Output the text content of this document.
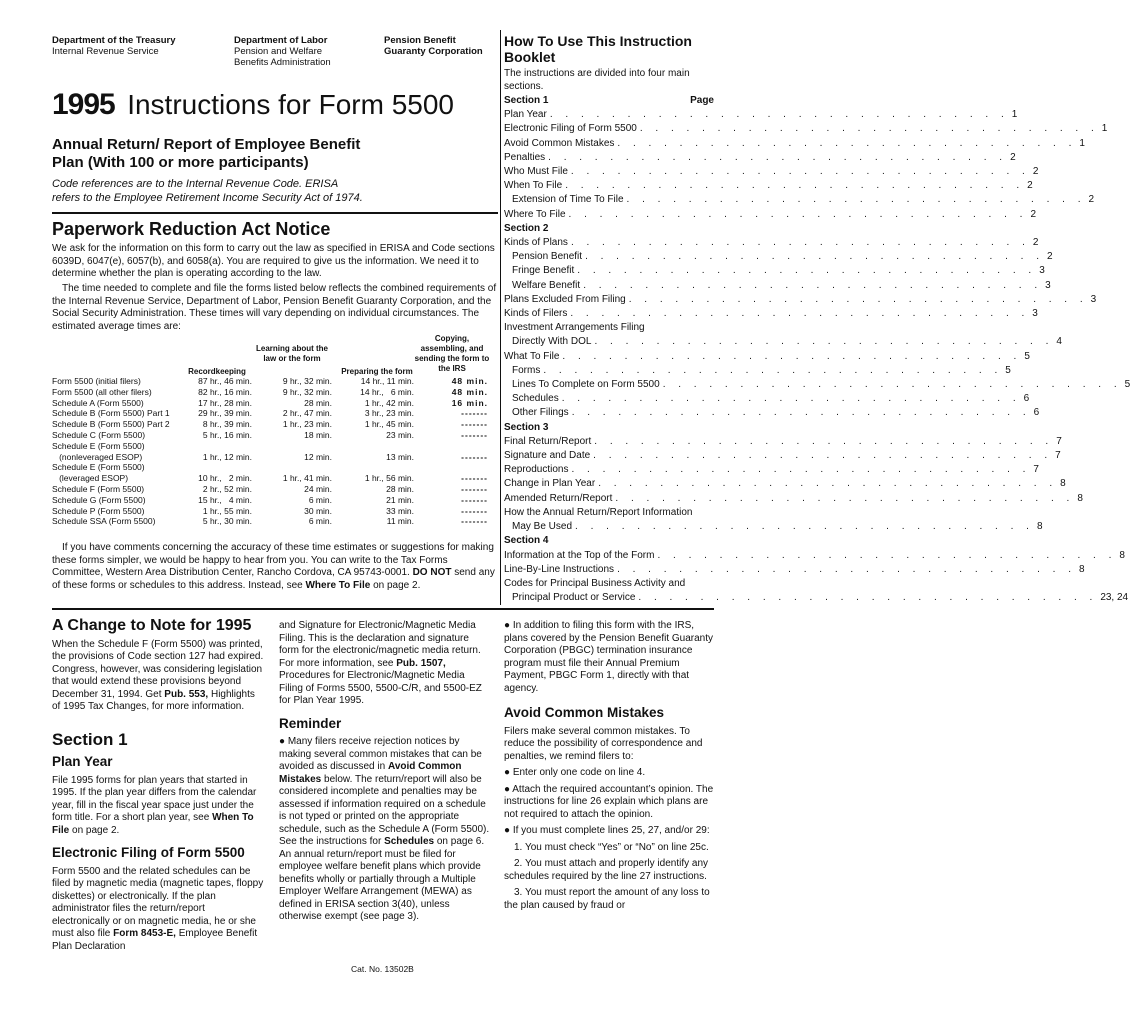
Department of the Treasury
Internal Revenue Service
Department of Labor
Pension and Welfare
Benefits Administration
Pension Benefit
Guaranty Corporation
1995 Instructions for Form 5500
Annual Return/ Report of Employee Benefit
Plan (With 100 or more participants)
Code references are to the Internal Revenue Code. ERISA
refers to the Employee Retirement Income Security Act of 1974.
Paperwork Reduction Act Notice

We ask for the information on this form to carry out the law as specified in ERISA and Code sections 6039D, 6047(e), 6057(b), and 6058(a). You are required to give us the information. We need it to determine whether the plan is operating according to the law.

The time needed to complete and file the forms listed below reflects the combined requirements of the Internal Revenue Service, Department of Labor, Pension Benefit Guaranty Corporation, and the Social Security Administration. These times will vary depending on individual circumstances. The estimated average times are:

Recordkeeping
Learning about the law or the form
Preparing the form
Copying, assembling, and sending the form to the IRS
Form 5500 (initial filers)	87 hr., 46 min.	9 hr., 32 min.	14 hr., 11 min.	48 min.
Form 5500 (all other filers)	82 hr., 16 min.	9 hr., 32 min.	14 hr.,   6 min.	48 min.
Schedule A (Form 5500)	17 hr., 28 min.	28 min.	1 hr., 42 min.	16 min.
Schedule B (Form 5500) Part 1	29 hr., 39 min.	2 hr., 47 min.	3 hr., 23 min.	-------
Schedule B (Form 5500) Part 2	8 hr., 39 min.	1 hr., 23 min.	1 hr., 45 min.	-------
Schedule C (Form 5500)	5 hr., 16 min.	18 min.	23 min.	-------
Schedule E (Form 5500)
(nonleveraged ESOP)	1 hr., 12 min.	12 min.	13 min.	-------
Schedule E (Form 5500)
(leveraged ESOP)	10 hr.,   2 min.	1 hr., 41 min.	1 hr., 56 min.	-------
Schedule F (Form 5500)	2 hr., 52 min.	24 min.	28 min.	-------
Schedule G (Form 5500)	15 hr.,   4 min.	6 min.	21 min.	-------
Schedule P (Form 5500)	1 hr., 55 min.	30 min.	33 min.	-------
Schedule SSA (Form 5500)	5 hr., 30 min.	6 min.	11 min.	-------

If you have comments concerning the accuracy of these time estimates or suggestions for making these forms simpler, we would be happy to hear from you. You can write to the Tax Forms Committee, Western Area Distribution Center, Rancho Cordova, CA 95743-0001. DO NOT send any of these forms or schedules to this address. Instead, see Where To File on page 2.

How To Use This Instruction Booklet
The instructions are divided into four main sections.
Section 1	Page
Plan Year . . . . . . . . . . . . . . . . . . . . . . . . . . . . . . 1
Electronic Filing of Form 5500 . . . . . . . . . . . . . . . . . . . . . . . . . . . . . . 1
Avoid Common Mistakes . . . . . . . . . . . . . . . . . . . . . . . . . . . . . . 1
Penalties . . . . . . . . . . . . . . . . . . . . . . . . . . . . . . 2
Who Must File . . . . . . . . . . . . . . . . . . . . . . . . . . . . . . 2
When To File . . . . . . . . . . . . . . . . . . . . . . . . . . . . . . 2
Extension of Time To File . . . . . . . . . . . . . . . . . . . . . . . . . . . . . . 2
Where To File . . . . . . . . . . . . . . . . . . . . . . . . . . . . . . 2
Section 2
Kinds of Plans . . . . . . . . . . . . . . . . . . . . . . . . . . . . . . 2
Pension Benefit . . . . . . . . . . . . . . . . . . . . . . . . . . . . . . 2
Fringe Benefit . . . . . . . . . . . . . . . . . . . . . . . . . . . . . . 3
Welfare Benefit . . . . . . . . . . . . . . . . . . . . . . . . . . . . . . 3
Plans Excluded From Filing . . . . . . . . . . . . . . . . . . . . . . . . . . . . . . 3
Kinds of Filers . . . . . . . . . . . . . . . . . . . . . . . . . . . . . . 3
Investment Arrangements Filing
Directly With DOL . . . . . . . . . . . . . . . . . . . . . . . . . . . . . . 4
What To File . . . . . . . . . . . . . . . . . . . . . . . . . . . . . . 5
Forms . . . . . . . . . . . . . . . . . . . . . . . . . . . . . . 5
Lines To Complete on Form 5500 . . . . . . . . . . . . . . . . . . . . . . . . . . . . . . 5
Schedules . . . . . . . . . . . . . . . . . . . . . . . . . . . . . . 6
Other Filings . . . . . . . . . . . . . . . . . . . . . . . . . . . . . . 6
Section 3
Final Return/Report . . . . . . . . . . . . . . . . . . . . . . . . . . . . . . 7
Signature and Date . . . . . . . . . . . . . . . . . . . . . . . . . . . . . . 7
Reproductions . . . . . . . . . . . . . . . . . . . . . . . . . . . . . . 7
Change in Plan Year . . . . . . . . . . . . . . . . . . . . . . . . . . . . . . 8
Amended Return/Report . . . . . . . . . . . . . . . . . . . . . . . . . . . . . . 8
How the Annual Return/Report Information
May Be Used . . . . . . . . . . . . . . . . . . . . . . . . . . . . . . 8
Section 4
Information at the Top of the Form . . . . . . . . . . . . . . . . . . . . . . . . . . . . . . 8
Line-By-Line Instructions . . . . . . . . . . . . . . . . . . . . . . . . . . . . . . 8
Codes for Principal Business Activity and
Principal Product or Service . . . . . . . . . . . . . . . . . . . . . . . . . . . . . . 23, 24
A Change to Note for 1995

When the Schedule F (Form 5500) was printed, the provisions of Code section 127 had expired. Congress, however, was considering legislation that would extend these provisions beyond December 31, 1994. Get Pub. 553, Highlights of 1995 Tax Changes, for more information.

Section 1
Plan Year

File 1995 forms for plan years that started in 1995. If the plan year differs from the calendar year, fill in the fiscal year space just under the form title. For a short plan year, see When To File on page 2.

Electronic Filing of Form 5500

Form 5500 and the related schedules can be filed by magnetic media (magnetic tapes, floppy diskettes) or electronically. If the plan administrator files the return/report electronically or on magnetic media, he or she must also file Form 8453-E, Employee Benefit Plan Declaration

and Signature for Electronic/Magnetic Media Filing. This is the declaration and signature form for the electronic/magnetic media return. For more information, see Pub. 1507, Procedures for Electronic/Magnetic Media Filing of Forms 5500, 5500-C/R, and 5500-EZ for Plan Year 1995.

Reminder

● Many filers receive rejection notices by making several common mistakes that can be avoided as discussed in Avoid Common Mistakes below. The return/report will also be considered incomplete and penalties may be assessed if information required on a schedule is not typed or printed on the appropriate schedule, such as the Schedule A (Form 5500). See the instructions for Schedules on page 6. An annual return/report must be filed for employee welfare benefit plans which provide benefits wholly or partially through a Multiple Employer Welfare Arrangement (MEWA) as defined in ERISA section 3(40), unless otherwise exempt (see page 3).

● In addition to filing this form with the IRS, plans covered by the Pension Benefit Guaranty Corporation (PBGC) termination insurance program must file their Annual Premium Payment, PBGC Form 1, directly with that agency.

Avoid Common Mistakes

Filers make several common mistakes. To reduce the possibility of correspondence and penalties, we remind filers to:

● Enter only one code on line 4.

● Attach the required accountant’s opinion. The instructions for line 26 explain which plans are not required to attach the opinion.

● If you must complete lines 25, 27, and/or 29:

1. You must check “Yes” or “No” on line 25c.

2. You must attach and properly identify any schedules required by the line 27 instructions.

3. You must report the amount of any loss to the plan caused by fraud or

Cat. No. 13502B
